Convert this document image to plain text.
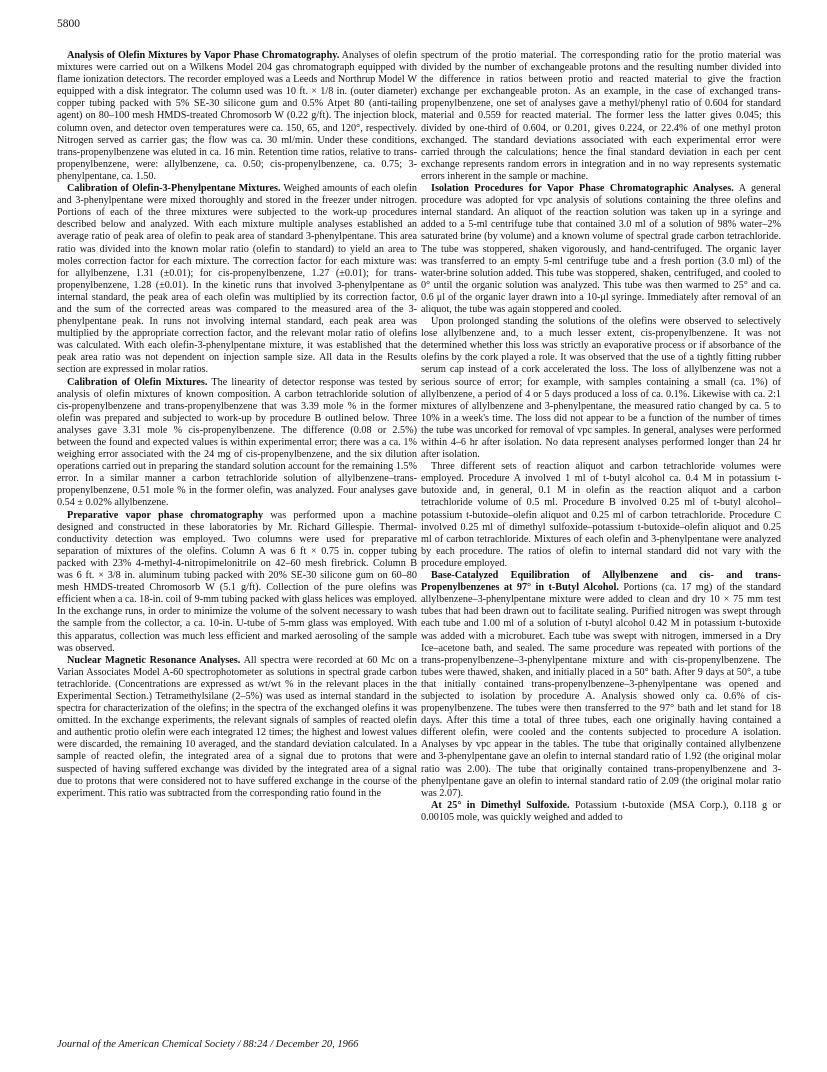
5800

Analysis of Olefin Mixtures by Vapor Phase Chromatography. Analyses of olefin mixtures were carried out on a Wilkens Model 204 gas chromatograph equipped with flame ionization detectors. The recorder employed was a Leeds and Northrup Model W equipped with a disk integrator. The column used was 10 ft. × 1/8 in. (outer diameter) copper tubing packed with 5% SE-30 silicone gum and 0.5% Atpet 80 (anti-tailing agent) on 80–100 mesh HMDS-treated Chromosorb W (0.22 g/ft). The injection block, column oven, and detector oven temperatures were ca. 150, 65, and 120°, respectively. Nitrogen served as carrier gas; the flow was ca. 30 ml/min. Under these conditions, trans-propenylbenzene was eluted in ca. 16 min. Retention time ratios, relative to trans-propenylbenzene, were: allylbenzene, ca. 0.50; cis-propenylbenzene, ca. 0.75; 3-phenylpentane, ca. 1.50.

Calibration of Olefin-3-Phenylpentane Mixtures. Weighed amounts of each olefin and 3-phenylpentane were mixed thoroughly and stored in the freezer under nitrogen. Portions of each of the three mixtures were subjected to the work-up procedures described below and analyzed. With each mixture multiple analyses established an average ratio of peak area of olefin to peak area of standard 3-phenylpentane. This area ratio was divided into the known molar ratio (olefin to standard) to yield an area to moles correction factor for each mixture. The correction factor for each mixture was: for allylbenzene, 1.31 (±0.01); for cis-propenylbenzene, 1.27 (±0.01); for trans-propenylbenzene, 1.28 (±0.01). In the kinetic runs that involved 3-phenylpentane as internal standard, the peak area of each olefin was multiplied by its correction factor, and the sum of the corrected areas was compared to the measured area of the 3-phenylpentane peak. In runs not involving internal standard, each peak area was multiplied by the appropriate correction factor, and the relevant molar ratio of olefins was calculated. With each olefin-3-phenylpentane mixture, it was established that the peak area ratio was not dependent on injection sample size. All data in the Results section are expressed in molar ratios.

Calibration of Olefin Mixtures. The linearity of detector response was tested by analysis of olefin mixtures of known composition. A carbon tetrachloride solution of cis-propenylbenzene and trans-propenylbenzene that was 3.39 mole % in the former olefin was prepared and subjected to work-up by procedure B outlined below. Three analyses gave 3.31 mole % cis-propenylbenzene. The difference (0.08 or 2.5%) between the found and expected values is within experimental error; there was a ca. 1% weighing error associated with the 24 mg of cis-propenylbenzene, and the six dilution operations carried out in preparing the standard solution account for the remaining 1.5% error. In a similar manner a carbon tetrachloride solution of allylbenzene–trans-propenylbenzene, 0.51 mole % in the former olefin, was analyzed. Four analyses gave 0.54 ± 0.02% allylbenzene.

Preparative vapor phase chromatography was performed upon a machine designed and constructed in these laboratories by Mr. Richard Gillespie. Thermal-conductivity detection was employed. Two columns were used for preparative separation of mixtures of the olefins. Column A was 6 ft × 0.75 in. copper tubing packed with 23% 4-methyl-4-nitropimelonitrile on 42–60 mesh firebrick. Column B was 6 ft. × 3/8 in. aluminum tubing packed with 20% SE-30 silicone gum on 60–80 mesh HMDS-treated Chromosorb W (5.1 g/ft). Collection of the pure olefins was efficient when a ca. 18-in. coil of 9-mm tubing packed with glass helices was employed. In the exchange runs, in order to minimize the volume of the solvent necessary to wash the sample from the collector, a ca. 10-in. U-tube of 5-mm glass was employed. With this apparatus, collection was much less efficient and marked aerosoling of the sample was observed.

Nuclear Magnetic Resonance Analyses. All spectra were recorded at 60 Mc on a Varian Associates Model A-60 spectrophotometer as solutions in spectral grade carbon tetrachloride. (Concentrations are expressed as wt/wt % in the relevant places in the Experimental Section.) Tetramethylsilane (2–5%) was used as internal standard in the spectra for characterization of the olefins; in the spectra of the exchanged olefins it was omitted. In the exchange experiments, the relevant signals of samples of reacted olefin and authentic protio olefin were each integrated 12 times; the highest and lowest values were discarded, the remaining 10 averaged, and the standard deviation calculated. In a sample of reacted olefin, the integrated area of a signal due to protons that were suspected of having suffered exchange was divided by the integrated area of a signal due to protons that were considered not to have suffered exchange in the course of the experiment. This ratio was subtracted from the corresponding ratio found in the

spectrum of the protio material. The corresponding ratio for the protio material was divided by the number of exchangeable protons and the resulting number divided into the difference in ratios between protio and reacted material to give the fraction exchange per exchangeable proton. As an example, in the case of exchanged trans-propenylbenzene, one set of analyses gave a methyl/phenyl ratio of 0.604 for standard material and 0.559 for reacted material. The former less the latter gives 0.045; this divided by one-third of 0.604, or 0.201, gives 0.224, or 22.4% of one methyl proton exchanged. The standard deviations associated with each experimental error were carried through the calculations; hence the final standard deviation in each per cent exchange represents random errors in integration and in no way represents systematic errors inherent in the sample or machine.

Isolation Procedures for Vapor Phase Chromatographic Analyses. A general procedure was adopted for vpc analysis of solutions containing the three olefins and internal standard. An aliquot of the reaction solution was taken up in a syringe and added to a 5-ml centrifuge tube that contained 3.0 ml of a solution of 98% water–2% saturated brine (by volume) and a known volume of spectral grade carbon tetrachloride. The tube was stoppered, shaken vigorously, and hand-centrifuged. The organic layer was transferred to an empty 5-ml centrifuge tube and a fresh portion (3.0 ml) of the water-brine solution added. This tube was stoppered, shaken, centrifuged, and cooled to 0° until the organic solution was analyzed. This tube was then warmed to 25° and ca. 0.6 μl of the organic layer drawn into a 10-μl syringe. Immediately after removal of an aliquot, the tube was again stoppered and cooled.

Upon prolonged standing the solutions of the olefins were observed to selectively lose allylbenzene and, to a much lesser extent, cis-propenylbenzene. It was not determined whether this loss was strictly an evaporative process or if absorbance of the olefins by the cork played a role. It was observed that the use of a tightly fitting rubber serum cap instead of a cork accelerated the loss. The loss of allylbenzene was not a serious source of error; for example, with samples containing a small (ca. 1%) of allylbenzene, a period of 4 or 5 days produced a loss of ca. 0.1%. Likewise with ca. 2:1 mixtures of allylbenzene and 3-phenylpentane, the measured ratio changed by ca. 5 to 10% in a week's time. The loss did not appear to be a function of the number of times the tube was uncorked for removal of vpc samples. In general, analyses were performed within 4–6 hr after isolation. No data represent analyses performed longer than 24 hr after isolation.

Three different sets of reaction aliquot and carbon tetrachloride volumes were employed. Procedure A involved 1 ml of t-butyl alcohol ca. 0.4 M in potassium t-butoxide and, in general, 0.1 M in olefin as the reaction aliquot and a carbon tetrachloride volume of 0.5 ml. Procedure B involved 0.25 ml of t-butyl alcohol–potassium t-butoxide–olefin aliquot and 0.25 ml of carbon tetrachloride. Procedure C involved 0.25 ml of dimethyl sulfoxide–potassium t-butoxide–olefin aliquot and 0.25 ml of carbon tetrachloride. Mixtures of each olefin and 3-phenylpentane were analyzed by each procedure. The ratios of olefin to internal standard did not vary with the procedure employed.

Base-Catalyzed Equilibration of Allylbenzene and cis- and trans-Propenylbenzenes at 97° in t-Butyl Alcohol. Portions (ca. 17 mg) of the standard allylbenzene–3-phenylpentane mixture were added to clean and dry 10 × 75 mm test tubes that had been drawn out to facilitate sealing. Purified nitrogen was swept through each tube and 1.00 ml of a solution of t-butyl alcohol 0.42 M in potassium t-butoxide was added with a microburet. Each tube was swept with nitrogen, immersed in a Dry Ice–acetone bath, and sealed. The same procedure was repeated with portions of the trans-propenylbenzene–3-phenylpentane mixture and with cis-propenylbenzene. The tubes were thawed, shaken, and initially placed in a 50° bath. After 9 days at 50°, a tube that initially contained trans-propenylbenzene–3-phenylpentane was opened and subjected to isolation by procedure A. Analysis showed only ca. 0.6% of cis-propenylbenzene. The tubes were then transferred to the 97° bath and let stand for 18 days. After this time a total of three tubes, each one originally having contained a different olefin, were cooled and the contents subjected to procedure A isolation. Analyses by vpc appear in the tables. The tube that originally contained allylbenzene and 3-phenylpentane gave an olefin to internal standard ratio of 1.92 (the original molar ratio was 2.00). The tube that originally contained trans-propenylbenzene and 3-phenylpentane gave an olefin to internal standard ratio of 2.09 (the original molar ratio was 2.07).

At 25° in Dimethyl Sulfoxide. Potassium t-butoxide (MSA Corp.), 0.118 g or 0.00105 mole, was quickly weighed and added to

Journal of the American Chemical Society / 88:24 / December 20, 1966
